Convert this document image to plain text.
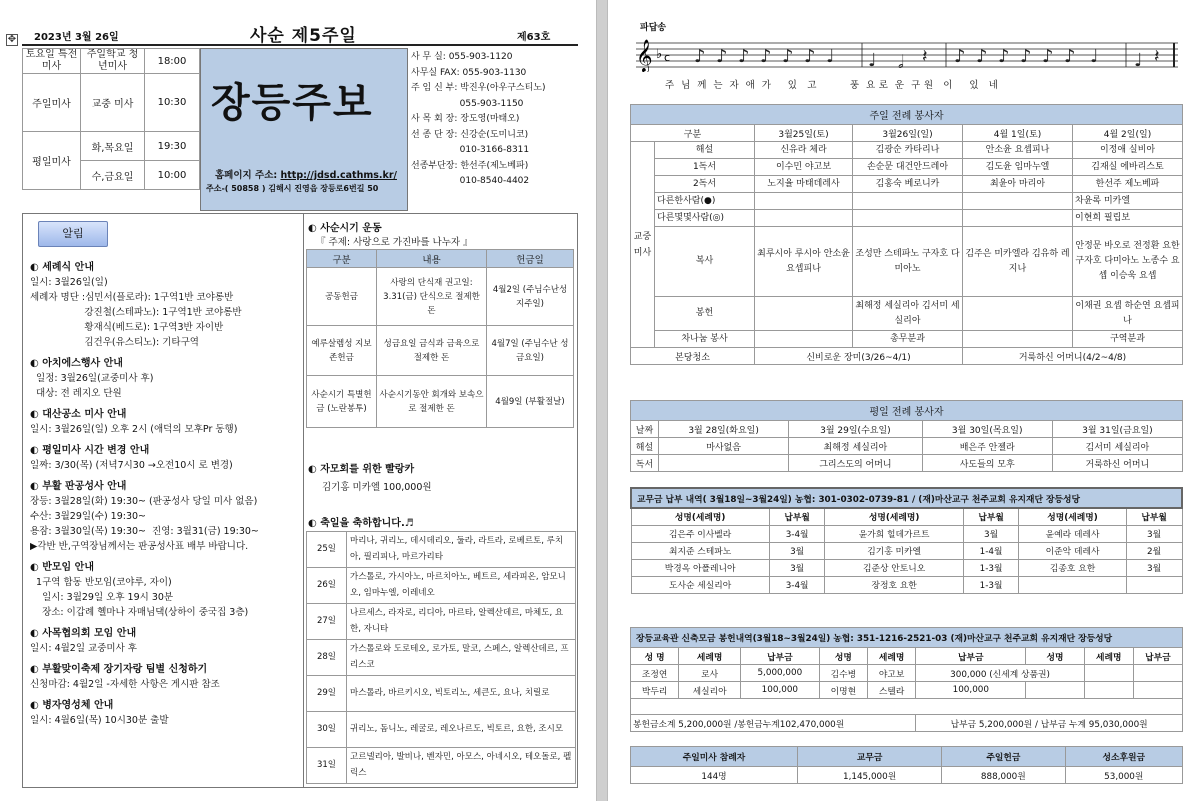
✥ 2023년 3월 26일	사순 제5주일	제63호
토요일 특전미사	주일학교 청년미사	18:00

주일미사	교중 미사	10:30
평일미사	화,목요일	19:30
	수,금요일	10:00
장등주보
홈페이지 주소: http://jdsd.cathms.kr/
주소-( 50858 ) 김해시 진영읍 장등로6번길 50
사 무 실: 055-903-1120
사무실 FAX: 055-903-1130
주 임 신 부: 박진우(아우구스티노)
055-903-1150
사 목 회 장: 장도영(마태오)
선 종 단 장: 신강순(도미니코)
010-3166-8311
선종부단장: 한선주(제노베파)
010-8540-4402
알림
◐ 세례식 안내
일시: 3월26일(일)
세례자 명단 :심민서(플로라): 1구역1반 코야롱반
강진철(스테파노): 1구역1반 코야롱반
황재식(베드로): 1구역3반 자이반
김건우(유스티노): 기타구역
◐ 아치에스행사 안내
일정: 3월26일(교중미사 후)
대상: 전 레지오 단원
◐ 대산공소 미사 안내
일시: 3월26일(일) 오후 2시 (애덕의 모후Pr 동행)
◐ 평일미사 시간 변경 안내
일짜: 3/30(목) (저녁7시30 →오전10시 로 변경)
◐ 부활 판공성사 안내
장등: 3월28일(화) 19:30~ (판공성사 당일 미사 없음)
수산: 3월29일(수) 19:30~
용잠: 3월30일(목) 19:30~  진영: 3월31(금) 19:30~
▶각반 반,구역장님께서는 판공성사표 배부 바랍니다.
◐ 반모임 안내
1구역 합동 반모임(코야루, 자이)
일시: 3월29일 오후 19시 30분
장소: 이갑례 헬마나 자매님댁(상하이 중국집 3층)
◐ 사목협의회 모임 안내
일시: 4월2일 교중미사 후
◐ 부활맞이축제 장기자랑 팀별 신청하기
신청마감: 4월2일 -자세한 사항은 게시판 참조
◐ 병자영성체 안내
일시: 4월6일(목) 10시30분 출발
◐ 사순시기 운동
『 주제: 사랑으로 가진바를 나누자 』
구분	내용	헌금일
공동헌금	사랑의 단식재 권고일: 3.31(금) 단식으로 절제한 돈	4월2일 (주님수난성지주일)
예루살렘성 지보존헌금	성금요일 금식과 금육으로 절제한 돈	4월7일 (주님수난 성금요일)
사순시기 특별헌금 (노란봉투)	사순시기동안 회개와 보속으로 절제한 돈	4월9일 (부활절날)
◐ 자모회를 위한 빨랑카
김기홍 미카엘 100,000원
◐ 축일을 축하합니다.♬
25일	마리나, 귀리노, 데시데리오, 둘라, 라트라, 로베르토, 루치아, 필리피나, 마르가리타
26일	가스톨로, 가시아노, 마르치아노, 베트르, 세라피온, 암모니오, 임마누엘, 이레네오
27일	나르세스, 라자로, 리디아, 마르타, 알렉산데르, 마체도, 요한, 자니타
28일	가스톨로와 도로테오, 로가토, 말코, 스페스, 알렉산데르, 프리스코
29일	마스톨라, 바르키시오, 빅토리노, 세큰도, 요나, 치릴로
30일	귀리노, 돔니노, 레굴로, 레오나르도, 빅토르, 요한, 조시모
31일	고르넬리아, 발비나, 벤자민, 아모스, 아네시오, 테오돌로, 펠릭스
파답송
𝄞 ♭ c ♪ ♪ ♪ ♪ ♪ ♪ ♩ ♩ 𝅗𝅥 𝄽 ♪ ♪ ♪ ♪ ♪ ♪ ♩ ♩ 𝄽
주  님  께  는  자  애  가     있   고          풍  요 로  운  구 원   이     있   네
주일 전례 봉사자					
구분		3월25일(토)	3월26일(일)	4월 1일(토)	4월 2일(일)
교중미사	해설	신유라 체라	김광순 카타리나	안소윤 요셉피나	이정애 실비아
	1독서	이수민 야고보	손순문 대건안드레아	김도윤 임마누엘	김재실 에바리스토
	2독서	노지율 마태데레사	김홍숙 베로니카	최윤아 마리아	한선주 제노베파
	다른한사람(●)				차윤록 미카엘
	다른몇몇사람(◎)				이현희 필립보
	복사	최루시아 루시아 안소윤 요셉피나	조성만 스테파노 구자호 다미아노	김주은 미카엘라 김유하 레지나	안정문 바오로 전정환 요한 구자호 다미아노 노종수 요셉 이승욱 요셉
	봉헌		최해정 세실리아 김서미 세실리아		이채권 요셉 하순연 요셉피나
	차나눔 봉사		총무분과		구역분과
본당청소		신비로운 장미(3/26~4/1)		거룩하신 어머니(4/2~4/8)	
평일 전례 봉사자				
날짜	3월 28일(화요일)	3월 29일(수요일)	3월 30일(목요일)	3월 31일(금요일)
해설	마사없음	최해정 세실리아	배은주 안젤라	김서미 세실리아
독서		그리스도의 어머니	사도들의 모후	거룩하신 어머니
교무금 납부 내역( 3월18일~3월24일) 농협: 301-0302-0739-81 / (재)마산교구 천주교회 유지재단 장등성당					
성명(세례명)	납부월	성명(세례명)	납부월	성명(세례명)	납부월
김은주 이사벨라	3-4월	윤가희 힐데가르트	3월	윤예라 데레사	3월
최지준 스테파노	3월	김기홍 미카엘	1-4월	이준악 데레사	2월
박경옥 아폴레니아	3월	김준상 안토니오	1-3월	김종호 요한	3월
도사순 세실리아	3-4월	장정호 요한	1-3월		
장등교육관 신축모금 봉헌내역(3월18~3월24일) 농협: 351-1216-2521-03 (재)마산교구 천주교회 유지재단 장등성당								
성 명	세례명	납부금	성명	세례명	납부금	성명	세례명	납부금
조정연	로사	5,000,000	김수병	야고보	300,000 (신세계 상품권)			
박두리	세실리아	100,000	이명현	스텔라	100,000			

봉헌금소계 5,200,000원 /봉헌금누계102,470,000원					납부금 5,200,000원 / 납부금 누계 95,030,000원			
주일미사 참례자	교무금	주일헌금	성소후원금
144명	1,145,000원	888,000원	53,000원
